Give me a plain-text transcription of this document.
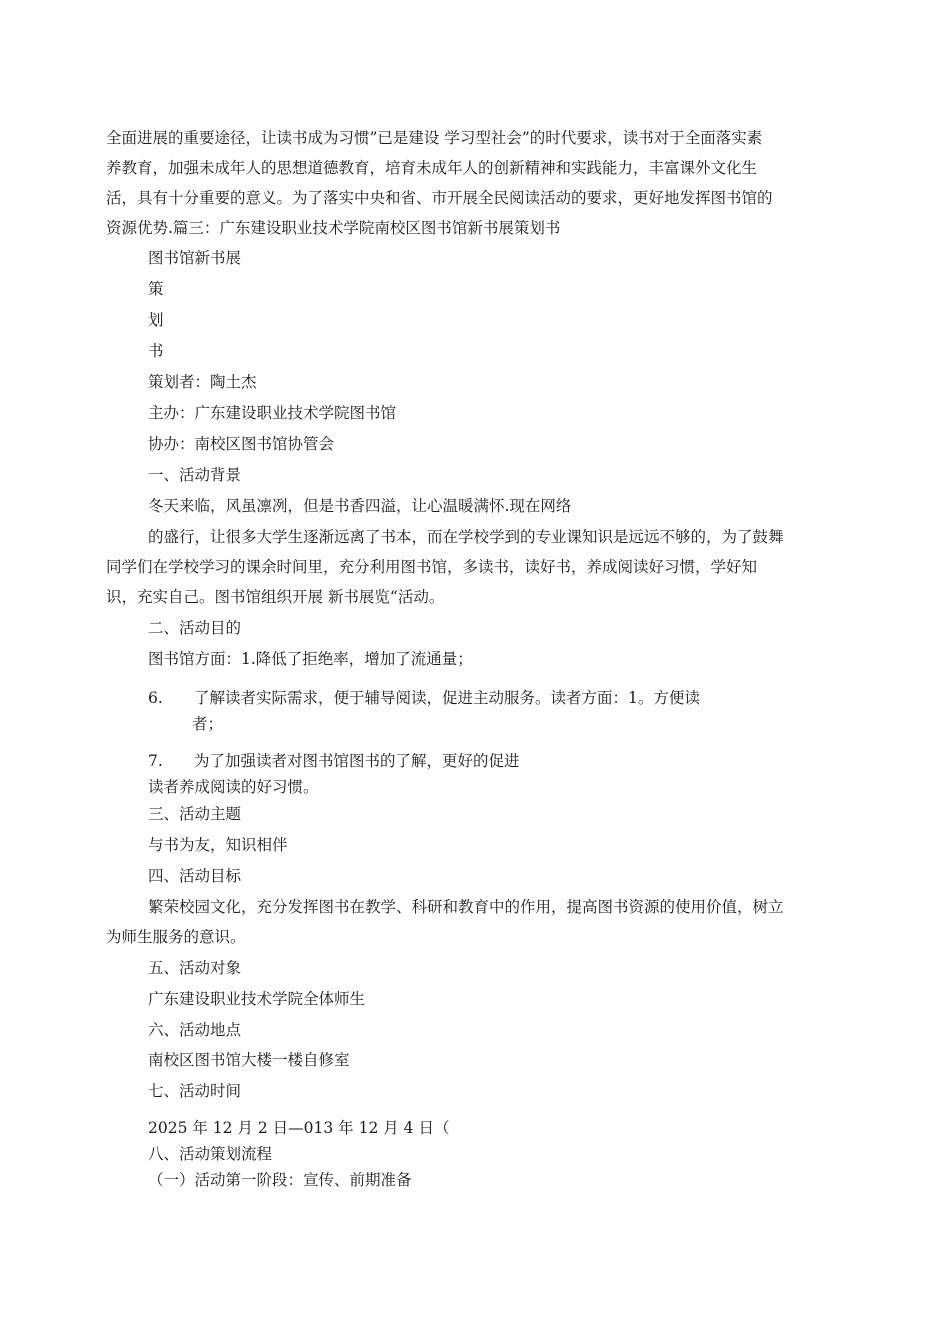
全面进展的重要途径，让读书成为习惯”已是建设 学习型社会”的时代要求，读书对于全面落实素
养教育，加强未成年人的思想道德教育，培育未成年人的创新精神和实践能力，丰富课外文化生
活，具有十分重要的意义。为了落实中央和省、市开展全民阅读活动的要求，更好地发挥图书馆的
资源优势.篇三：广东建设职业技术学院南校区图书馆新书展策划书
图书馆新书展
策
划
书
策划者：陶土杰
主办：广东建设职业技术学院图书馆
协办：南校区图书馆协管会
一、活动背景
冬天来临，风虽凛冽，但是书香四溢，让心温暖满怀.现在网络
的盛行，让很多大学生逐渐远离了书本，而在学校学到的专业课知识是远远不够的，为了鼓舞
同学们在学校学习的课余时间里，充分利用图书馆，多读书，读好书，养成阅读好习惯，学好知
识，充实自己。图书馆组织开展 新书展览“活动。
二、活动目的
图书馆方面：1.降低了拒绝率，增加了流通量；
6. 了解读者实际需求，便于辅导阅读，促进主动服务。读者方面：1。方便读
者；
7. 为了加强读者对图书馆图书的了解，更好的促进
读者养成阅读的好习惯。
三、活动主题
与书为友，知识相伴
四、活动目标
繁荣校园文化，充分发挥图书在教学、科研和教育中的作用，提高图书资源的使用价值，树立
为师生服务的意识。
五、活动对象
广东建设职业技术学院全体师生
六、活动地点
南校区图书馆大楼一楼自修室
七、活动时间
2025 年 12 月 2 日—013 年 12 月 4 日（
八、活动策划流程
（一）活动第一阶段：宣传、前期准备
